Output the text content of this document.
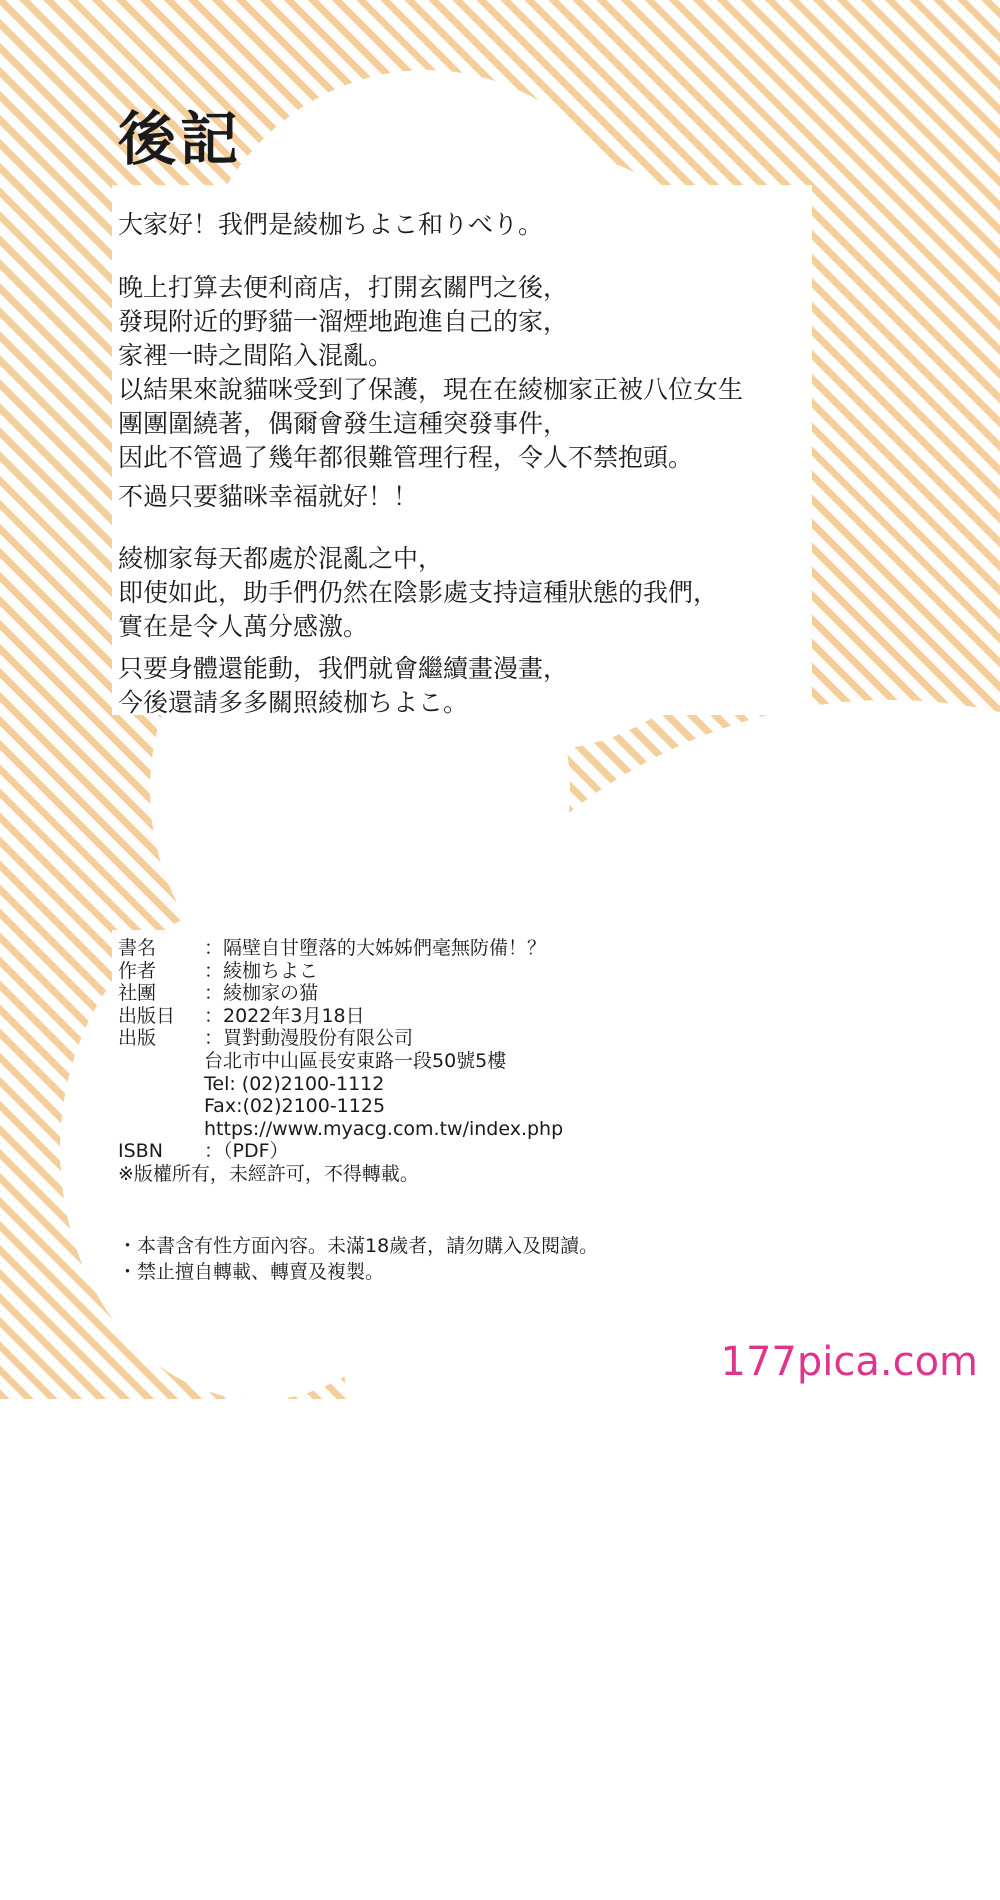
後記

大家好！我們是綾枷ちよこ和りべり。

晚上打算去便利商店，打開玄關門之後，
發現附近的野貓一溜煙地跑進自己的家，
家裡一時之間陷入混亂。
以結果來說貓咪受到了保護，現在在綾枷家正被八位女生
團團圍繞著，偶爾會發生這種突發事件，
因此不管過了幾年都很難管理行程，令人不禁抱頭。

不過只要貓咪幸福就好！！

綾枷家每天都處於混亂之中，
即使如此，助手們仍然在陰影處支持這種狀態的我們，
實在是令人萬分感激。

只要身體還能動，我們就會繼續畫漫畫，
今後還請多多關照綾枷ちよこ。

書名	：隔壁自甘墮落的大姊姊們毫無防備！？
作者	：綾枷ちよこ
社團	：綾枷家の猫
出版日	：2022年3月18日
出版	：買對動漫股份有限公司
台北市中山區長安東路一段50號5樓
Tel: (02)2100-1112
Fax:(02)2100-1125
https://www.myacg.com.tw/index.php
ISBN	：（PDF）
※版權所有，未經許可，不得轉載。
・本書含有性方面內容。未滿18歲者，請勿購入及閱讀。
・禁止擅自轉載、轉賣及複製。
177pica.com
